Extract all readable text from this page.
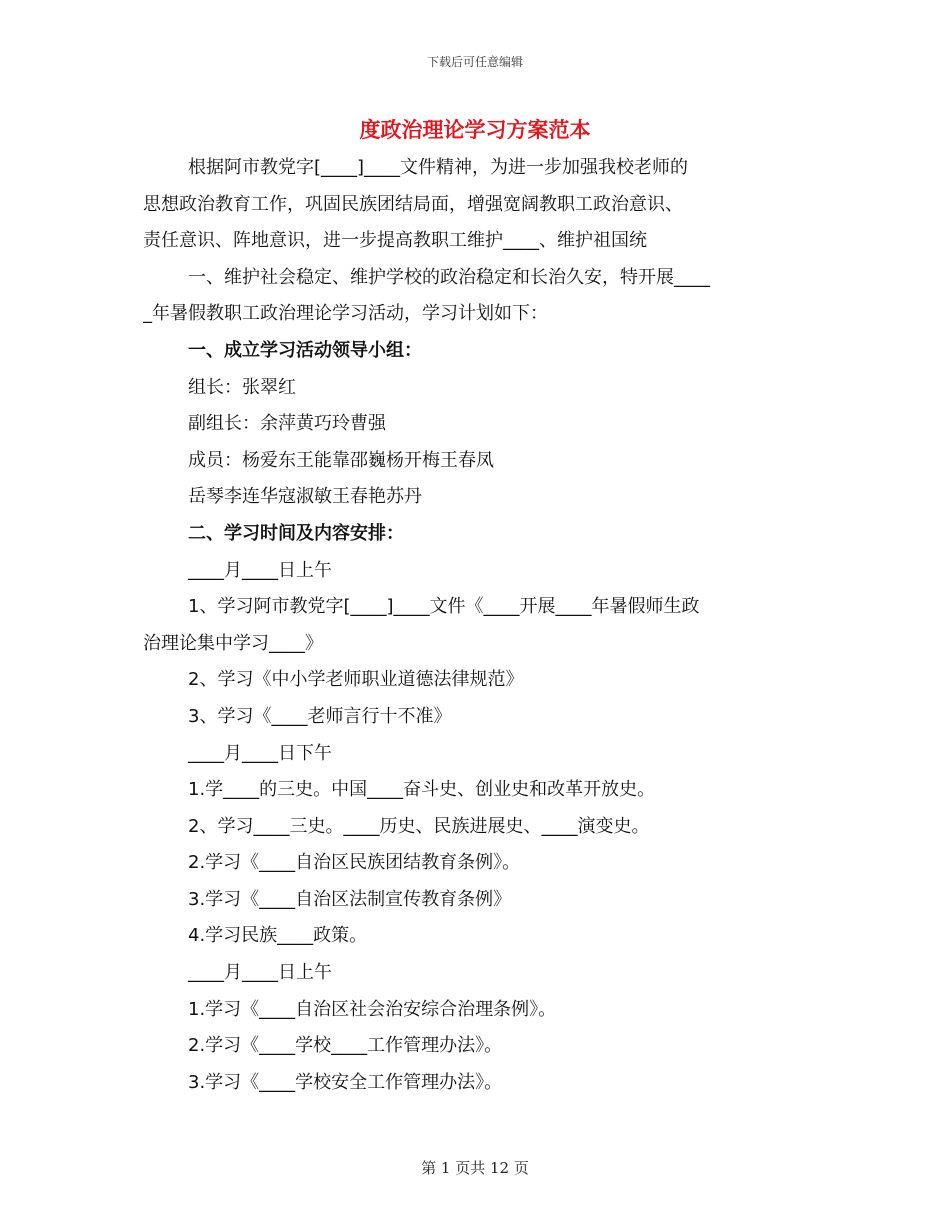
下载后可任意编辑
度政治理论学习方案范本
根据阿市教党字[____]____文件精神，为进一步加强我校老师的
思想政治教育工作，巩固民族团结局面，增强宽阔教职工政治意识、
责任意识、阵地意识，进一步提高教职工维护____、维护祖国统
一、维护社会稳定、维护学校的政治稳定和长治久安，特开展____
_年暑假教职工政治理论学习活动，学习计划如下：
一、成立学习活动领导小组：
组长：张翠红
副组长：余萍黄巧玲曹强
成员：杨爱东王能靠邵巍杨开梅王春凤
岳琴李连华寇淑敏王春艳苏丹
二、学习时间及内容安排：
____月____日上午
1、学习阿市教党字[____]____文件《____开展____年暑假师生政
治理论集中学习____》
2、学习《中小学老师职业道德法律规范》
3、学习《____老师言行十不准》
____月____日下午
1.学____的三史。中国____奋斗史、创业史和改革开放史。
2、学习____三史。____历史、民族进展史、____演变史。
2.学习《____自治区民族团结教育条例》。
3.学习《____自治区法制宣传教育条例》
4.学习民族____政策。
____月____日上午
1.学习《____自治区社会治安综合治理条例》。
2.学习《____学校____工作管理办法》。
3.学习《____学校安全工作管理办法》。
第 1 页共 12 页
